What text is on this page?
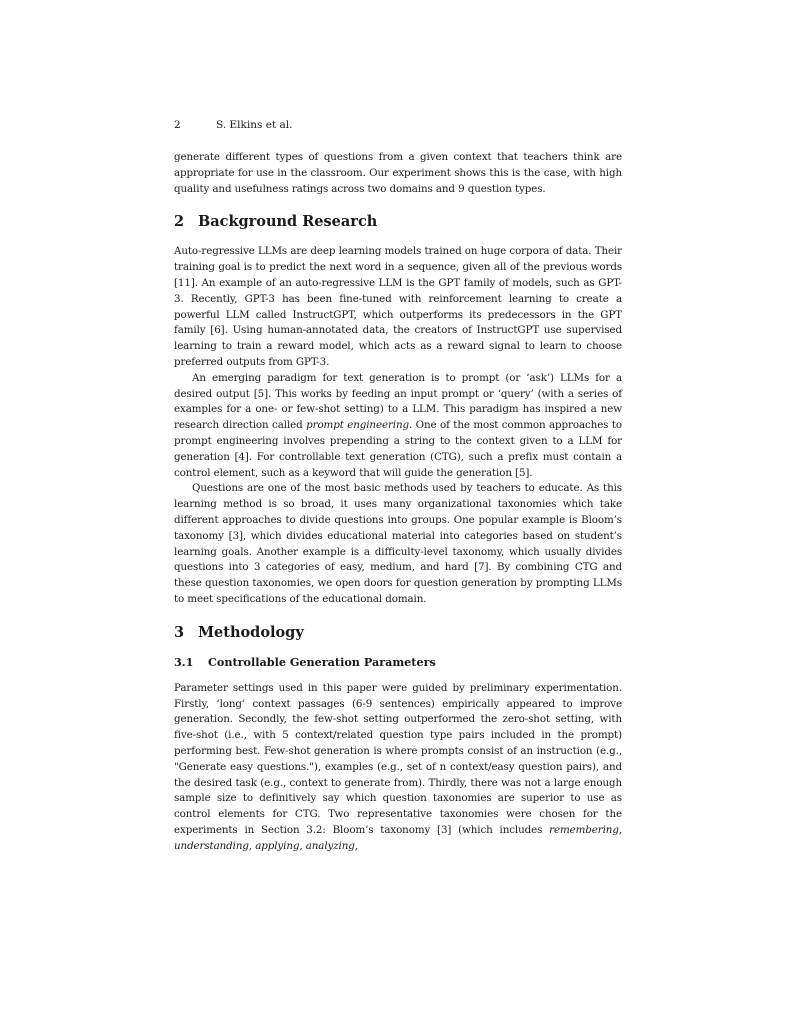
2	S. Elkins et al.

generate different types of questions from a given context that teachers think are appropriate for use in the classroom. Our experiment shows this is the case, with high quality and usefulness ratings across two domains and 9 question types.

2 Background Research

Auto-regressive LLMs are deep learning models trained on huge corpora of data. Their training goal is to predict the next word in a sequence, given all of the previous words [11]. An example of an auto-regressive LLM is the GPT family of models, such as GPT-3. Recently, GPT-3 has been fine-tuned with reinforcement learning to create a powerful LLM called InstructGPT, which outperforms its predecessors in the GPT family [6]. Using human-annotated data, the creators of InstructGPT use supervised learning to train a reward model, which acts as a reward signal to learn to choose preferred outputs from GPT-3.

An emerging paradigm for text generation is to prompt (or ‘ask’) LLMs for a desired output [5]. This works by feeding an input prompt or ‘query’ (with a series of examples for a one- or few-shot setting) to a LLM. This paradigm has inspired a new research direction called prompt engineering. One of the most common approaches to prompt engineering involves prepending a string to the context given to a LLM for generation [4]. For controllable text generation (CTG), such a prefix must contain a control element, such as a keyword that will guide the generation [5].

Questions are one of the most basic methods used by teachers to educate. As this learning method is so broad, it uses many organizational taxonomies which take different approaches to divide questions into groups. One popular example is Bloom’s taxonomy [3], which divides educational material into categories based on student’s learning goals. Another example is a difficulty-level taxonomy, which usually divides questions into 3 categories of easy, medium, and hard [7]. By combining CTG and these question taxonomies, we open doors for question generation by prompting LLMs to meet specifications of the educational domain.

3 Methodology
3.1 Controllable Generation Parameters

Parameter settings used in this paper were guided by preliminary experimentation. Firstly, ‘long’ context passages (6-9 sentences) empirically appeared to improve generation. Secondly, the few-shot setting outperformed the zero-shot setting, with five-shot (i.e., with 5 context/related question type pairs included in the prompt) performing best. Few-shot generation is where prompts consist of an instruction (e.g., "Generate easy questions."), examples (e.g., set of n context/easy question pairs), and the desired task (e.g., context to generate from). Thirdly, there was not a large enough sample size to definitively say which question taxonomies are superior to use as control elements for CTG. Two representative taxonomies were chosen for the experiments in Section 3.2: Bloom’s taxonomy [3] (which includes remembering, understanding, applying, analyzing,
